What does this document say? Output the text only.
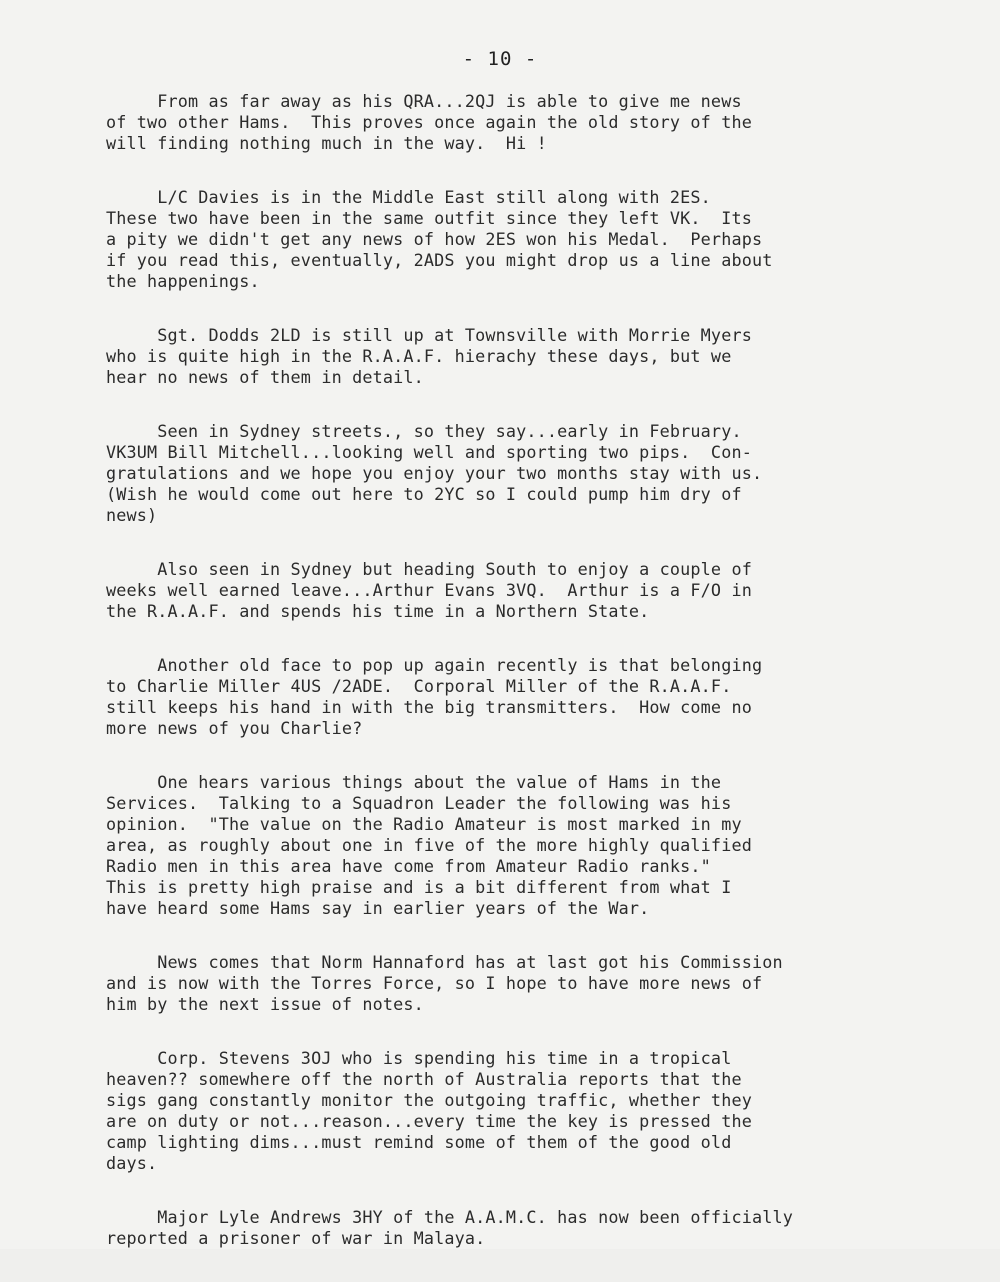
- 10 -
From as far away as his QRA...2QJ is able to give me news
of two other Hams.  This proves once again the old story of the
will finding nothing much in the way.  Hi !
L/C Davies is in the Middle East still along with 2ES.
These two have been in the same outfit since they left VK.  Its
a pity we didn't get any news of how 2ES won his Medal.  Perhaps
if you read this, eventually, 2ADS you might drop us a line about
the happenings.
Sgt. Dodds 2LD is still up at Townsville with Morrie Myers
who is quite high in the R.A.A.F. hierachy these days, but we
hear no news of them in detail.
Seen in Sydney streets., so they say...early in February.
VK3UM Bill Mitchell...looking well and sporting two pips.  Con-
gratulations and we hope you enjoy your two months stay with us.
(Wish he would come out here to 2YC so I could pump him dry of
news)
Also seen in Sydney but heading South to enjoy a couple of
weeks well earned leave...Arthur Evans 3VQ.  Arthur is a F/O in
the R.A.A.F. and spends his time in a Northern State.
Another old face to pop up again recently is that belonging
to Charlie Miller 4US /2ADE.  Corporal Miller of the R.A.A.F.
still keeps his hand in with the big transmitters.  How come no
more news of you Charlie?
One hears various things about the value of Hams in the
Services.  Talking to a Squadron Leader the following was his
opinion.  "The value on the Radio Amateur is most marked in my
area, as roughly about one in five of the more highly qualified
Radio men in this area have come from Amateur Radio ranks."
This is pretty high praise and is a bit different from what I
have heard some Hams say in earlier years of the War.
News comes that Norm Hannaford has at last got his Commission
and is now with the Torres Force, so I hope to have more news of
him by the next issue of notes.
Corp. Stevens 3OJ who is spending his time in a tropical
heaven?? somewhere off the north of Australia reports that the
sigs gang constantly monitor the outgoing traffic, whether they
are on duty or not...reason...every time the key is pressed the
camp lighting dims...must remind some of them of the good old
days.
Major Lyle Andrews 3HY of the A.A.M.C. has now been officially
reported a prisoner of war in Malaya.
